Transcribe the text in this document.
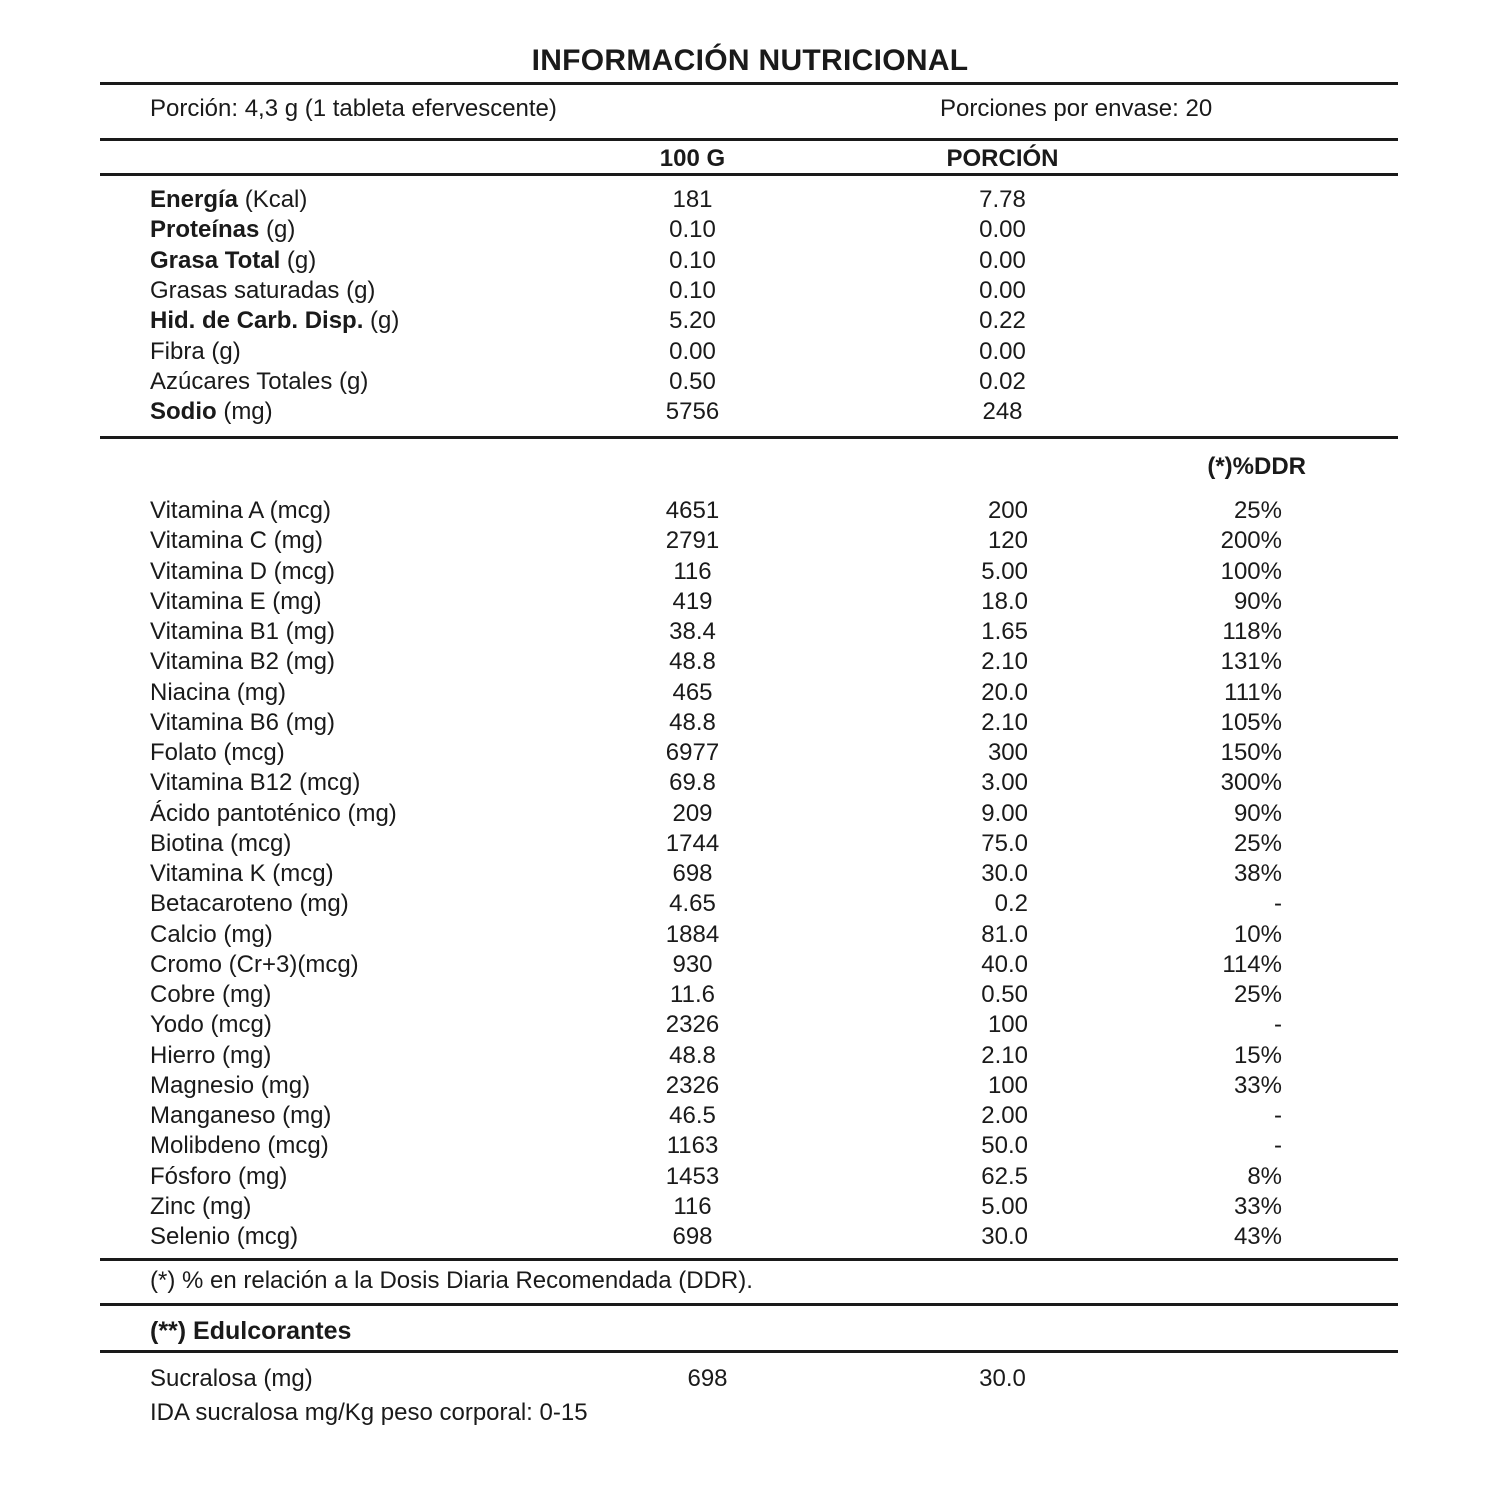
INFORMACIÓN NUTRICIONAL
Porción: 4,3 g (1 tableta efervescente)	Porciones por envase: 20
100 G	PORCIÓN
Energía (Kcal)	181	7.78
Proteínas (g)	0.10	0.00
Grasa Total (g)	0.10	0.00
Grasas saturadas (g)	0.10	0.00
Hid. de Carb. Disp. (g)	5.20	0.22
Fibra (g)	0.00	0.00
Azúcares Totales (g)	0.50	0.02
Sodio (mg)	5756	248
(*)%DDR
Vitamina A (mcg)	4651	200	25%
Vitamina C (mg)	2791	120	200%
Vitamina D (mcg)	116	5.00	100%
Vitamina E (mg)	419	18.0	90%
Vitamina B1 (mg)	38.4	1.65	118%
Vitamina B2 (mg)	48.8	2.10	131%
Niacina (mg)	465	20.0	111%
Vitamina B6 (mg)	48.8	2.10	105%
Folato (mcg)	6977	300	150%
Vitamina B12 (mcg)	69.8	3.00	300%
Ácido pantoténico (mg)	209	9.00	90%
Biotina (mcg)	1744	75.0	25%
Vitamina K (mcg)	698	30.0	38%
Betacaroteno (mg)	4.65	0.2	-
Calcio (mg)	1884	81.0	10%
Cromo (Cr+3)(mcg)	930	40.0	114%
Cobre (mg)	11.6	0.50	25%
Yodo (mcg)	2326	100	-
Hierro (mg)	48.8	2.10	15%
Magnesio (mg)	2326	100	33%
Manganeso (mg)	46.5	2.00	-
Molibdeno (mcg)	1163	50.0	-
Fósforo (mg)	1453	62.5	8%
Zinc (mg)	116	5.00	33%
Selenio (mcg)	698	30.0	43%
(*) % en relación a la Dosis Diaria Recomendada (DDR).
(**) Edulcorantes
Sucralosa (mg)	698	30.0
IDA sucralosa mg/Kg peso corporal: 0-15
